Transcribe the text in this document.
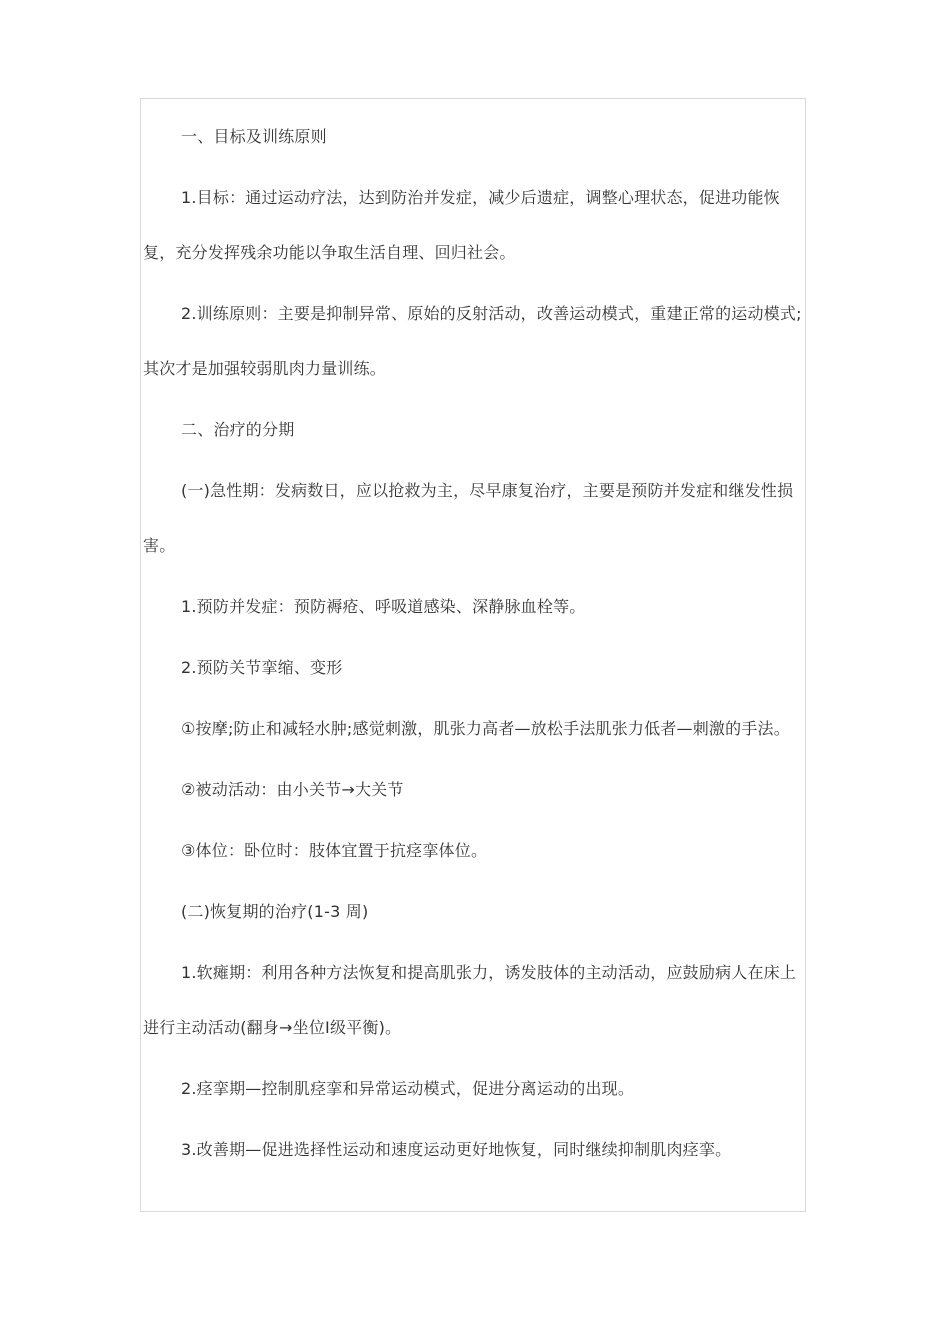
一、目标及训练原则

1.目标：通过运动疗法，达到防治并发症，减少后遗症，调整心理状态，促进功能恢复，充分发挥残余功能以争取生活自理、回归社会。

2.训练原则：主要是抑制异常、原始的反射活动，改善运动模式，重建正常的运动模式;其次才是加强较弱肌肉力量训练。

二、治疗的分期

(一)急性期：发病数日，应以抢救为主，尽早康复治疗，主要是预防并发症和继发性损害。

1.预防并发症：预防褥疮、呼吸道感染、深静脉血栓等。

2.预防关节挛缩、变形

①按摩;防止和减轻水肿;感觉刺激，肌张力高者—放松手法肌张力低者—刺激的手法。

②被动活动：由小关节→大关节

③体位：卧位时：肢体宜置于抗痉挛体位。

(二)恢复期的治疗(1-3 周)

1.软瘫期：利用各种方法恢复和提高肌张力，诱发肢体的主动活动，应鼓励病人在床上进行主动活动(翻身→坐位Ⅰ级平衡)。

2.痉挛期—控制肌痉挛和异常运动模式，促进分离运动的出现。

3.改善期—促进选择性运动和速度运动更好地恢复，同时继续抑制肌肉痉挛。
